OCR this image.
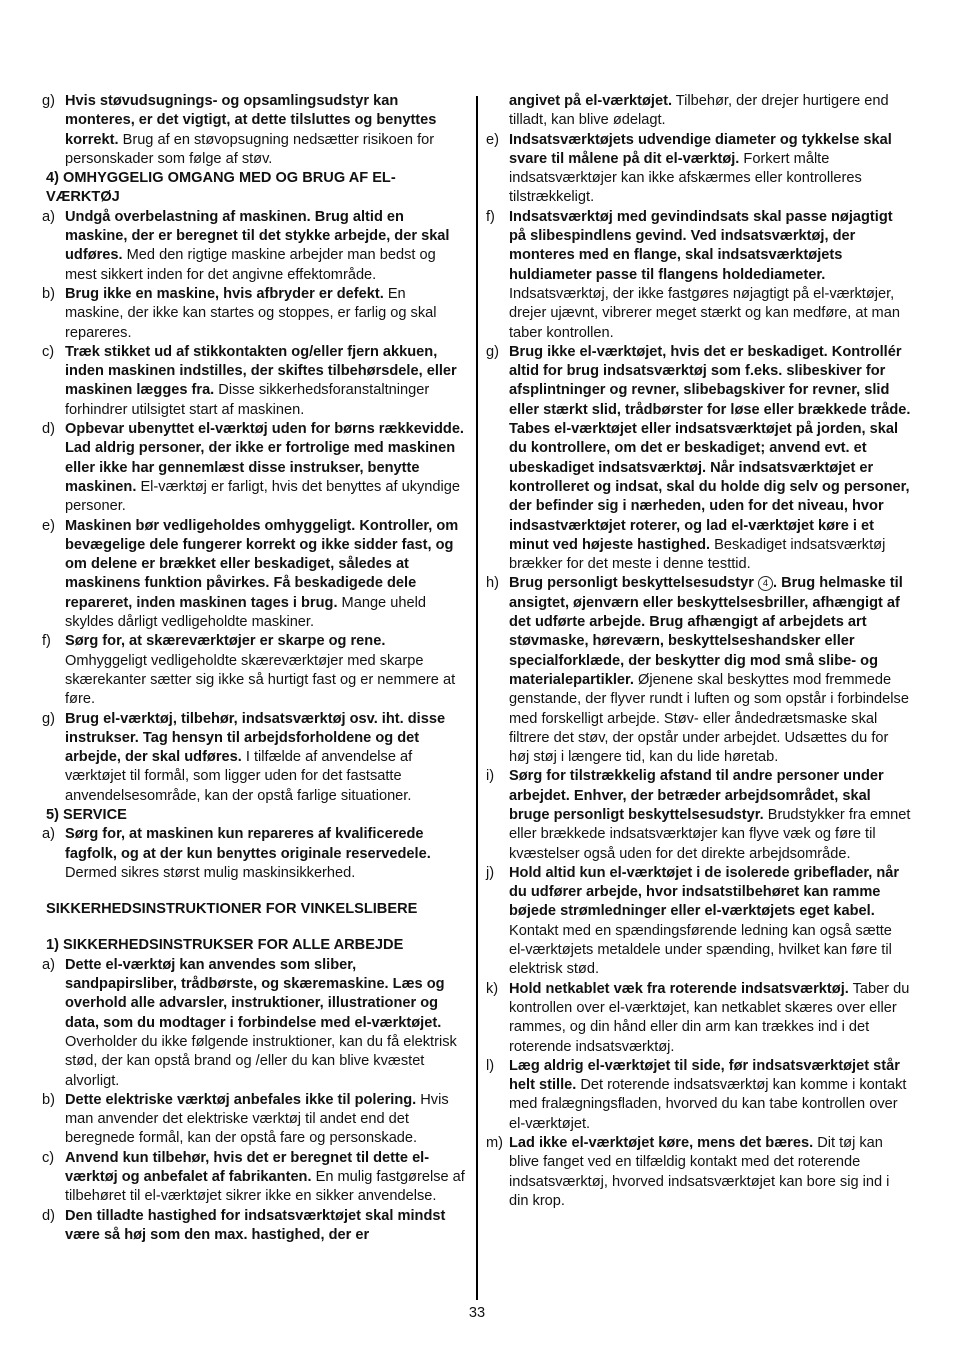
g) Hvis støvudsugnings- og opsamlingsudstyr kan monteres, er det vigtigt, at dette tilsluttes og benyttes korrekt. Brug af en støvopsugning nedsætter risikoen for personskader som følge af støv.
4) OMHYGGELIG OMGANG MED OG BRUG AF EL-VÆRKTØJ
a) Undgå overbelastning af maskinen. Brug altid en maskine, der er beregnet til det stykke arbejde, der skal udføres. Med den rigtige maskine arbejder man bedst og mest sikkert inden for det angivne effektområde.
b) Brug ikke en maskine, hvis afbryder er defekt. En maskine, der ikke kan startes og stoppes, er farlig og skal repareres.
c) Træk stikket ud af stikkontakten og/eller fjern akkuen, inden maskinen indstilles, der skiftes tilbehørsdele, eller maskinen lægges fra. Disse sikkerhedsforanstaltninger forhindrer utilsigtet start af maskinen.
d) Opbevar ubenyttet el-værktøj uden for børns rækkevidde. Lad aldrig personer, der ikke er fortrolige med maskinen eller ikke har gennemlæst disse instrukser, benytte maskinen. El-værktøj er farligt, hvis det benyttes af ukyndige personer.
e) Maskinen bør vedligeholdes omhyggeligt. Kontroller, om bevægelige dele fungerer korrekt og ikke sidder fast, og om delene er brækket eller beskadiget, således at maskinens funktion påvirkes. Få beskadigede dele repareret, inden maskinen tages i brug. Mange uheld skyldes dårligt vedligeholdte maskiner.
f) Sørg for, at skæreværktøjer er skarpe og rene. Omhyggeligt vedligeholdte skæreværktøjer med skarpe skærekanter sætter sig ikke så hurtigt fast og er nemmere at føre.
g) Brug el-værktøj, tilbehør, indsatsværktøj osv. iht. disse instrukser. Tag hensyn til arbejdsforholdene og det arbejde, der skal udføres. I tilfælde af anvendelse af værktøjet til formål, som ligger uden for det fastsatte anvendelsesområde, kan der opstå farlige situationer.
5) SERVICE
a) Sørg for, at maskinen kun repareres af kvalificerede fagfolk, og at der kun benyttes originale reservedele. Dermed sikres størst mulig maskinsikkerhed.
SIKKERHEDSINSTRUKTIONER FOR VINKELSLIBERE
1) SIKKERHEDSINSTRUKSER FOR ALLE ARBEJDE
a) Dette el-værktøj kan anvendes som sliber, sandpapirsliber, trådbørste, og skæremaskine. Læs og overhold alle advarsler, instruktioner, illustrationer og data, som du modtager i forbindelse med el-værktøjet. Overholder du ikke følgende instruktioner, kan du få elektrisk stød, der kan opstå brand og /eller du kan blive kvæstet alvorligt.
b) Dette elektriske værktøj anbefales ikke til polering. Hvis man anvender det elektriske værktøj til andet end det beregnede formål, kan der opstå fare og personskade.
c) Anvend kun tilbehør, hvis det er beregnet til dette el-værktøj og anbefalet af fabrikanten. En mulig fastgørelse af tilbehøret til el-værktøjet sikrer ikke en sikker anvendelse.
d) Den tilladte hastighed for indsatsværktøjet skal mindst være så høj som den max. hastighed, der er
angivet på el-værktøjet. Tilbehør, der drejer hurtigere end tilladt, kan blive ødelagt.
e) Indsatsværktøjets udvendige diameter og tykkelse skal svare til målene på dit el-værktøj. Forkert målte indsatsværktøjer kan ikke afskærmes eller kontrolleres tilstrækkeligt.
f) Indsatsværktøj med gevindindsats skal passe nøjagtigt på slibespindlens gevind. Ved indsatsværktøj, der monteres med en flange, skal indsatsværktøjets huldiameter passe til flangens holdediameter. Indsatsværktøj, der ikke fastgøres nøjagtigt på el-værktøjer, drejer ujævnt, vibrerer meget stærkt og kan medføre, at man taber kontrollen.
g) Brug ikke el-værktøjet, hvis det er beskadiget. Kontrollér altid for brug indsatsværktøj som f.eks. slibeskiver for afsplintninger og revner, slibebagskiver for revner, slid eller stærkt slid, trådbørster for løse eller brækkede tråde. Tabes el-værktøjet eller indsatsværktøjet på jorden, skal du kontrollere, om det er beskadiget; anvend evt. et ubeskadiget indsatsværktøj. Når indsatsværktøjet er kontrolleret og indsat, skal du holde dig selv og personer, der befinder sig i nærheden, uden for det niveau, hvor indsastværktøjet roterer, og lad el-værktøjet køre i et minut ved højeste hastighed. Beskadiget indsatsværktøj brækker for det meste i denne testtid.
h) Brug personligt beskyttelsesudstyr 4 . Brug helmaske til ansigtet, øjenværn eller beskyttelsesbriller, afhængigt af det udførte arbejde. Brug afhængigt af arbejdets art støvmaske, høreværn, beskyttelseshandsker eller specialforklæde, der beskytter dig mod små slibe- og materialepartikler. Øjenene skal beskyttes mod fremmede genstande, der flyver rundt i luften og som opstår i forbindelse med forskelligt arbejde. Støv- eller åndedrætsmaske skal filtrere det støv, der opstår under arbejdet. Udsættes du for høj støj i længere tid, kan du lide høretab.
i)	Sørg for tilstrækkelig afstand til andre personer under arbejdet. Enhver, der betræder arbejdsområdet, skal bruge personligt beskyttelsesudstyr. Brudstykker fra emnet eller brækkede indsatsværktøjer kan flyve væk og føre til kvæstelser også uden for det direkte arbejdsområde.
j)	Hold altid kun el-værktøjet i de isolerede gribeflader, når du udfører arbejde, hvor indsatstilbehøret kan ramme bøjede strømledninger eller el-værktøjets eget kabel. Kontakt med en spændingsførende ledning kan også sætte el-værktøjets metaldele under spænding, hvilket kan føre til elektrisk stød.
k) Hold netkablet væk fra roterende indsatsværktøj. Taber du kontrollen over el-værktøjet, kan netkablet skæres over eller rammes, og din hånd eller din arm kan trækkes ind i det roterende indsatsværktøj.
l)	Læg aldrig el-værktøjet til side, før indsatsværktøjet står helt stille. Det roterende indsatsværktøj kan komme i kontakt med fralægningsfladen, hvorved du kan tabe kontrollen over el-værktøjet.
m) Lad ikke el-værktøjet køre, mens det bæres. Dit tøj kan blive fanget ved en tilfældig kontakt med det roterende indsatsværktøj, hvorved indsatsværktøjet kan bore sig ind i din krop.
33
